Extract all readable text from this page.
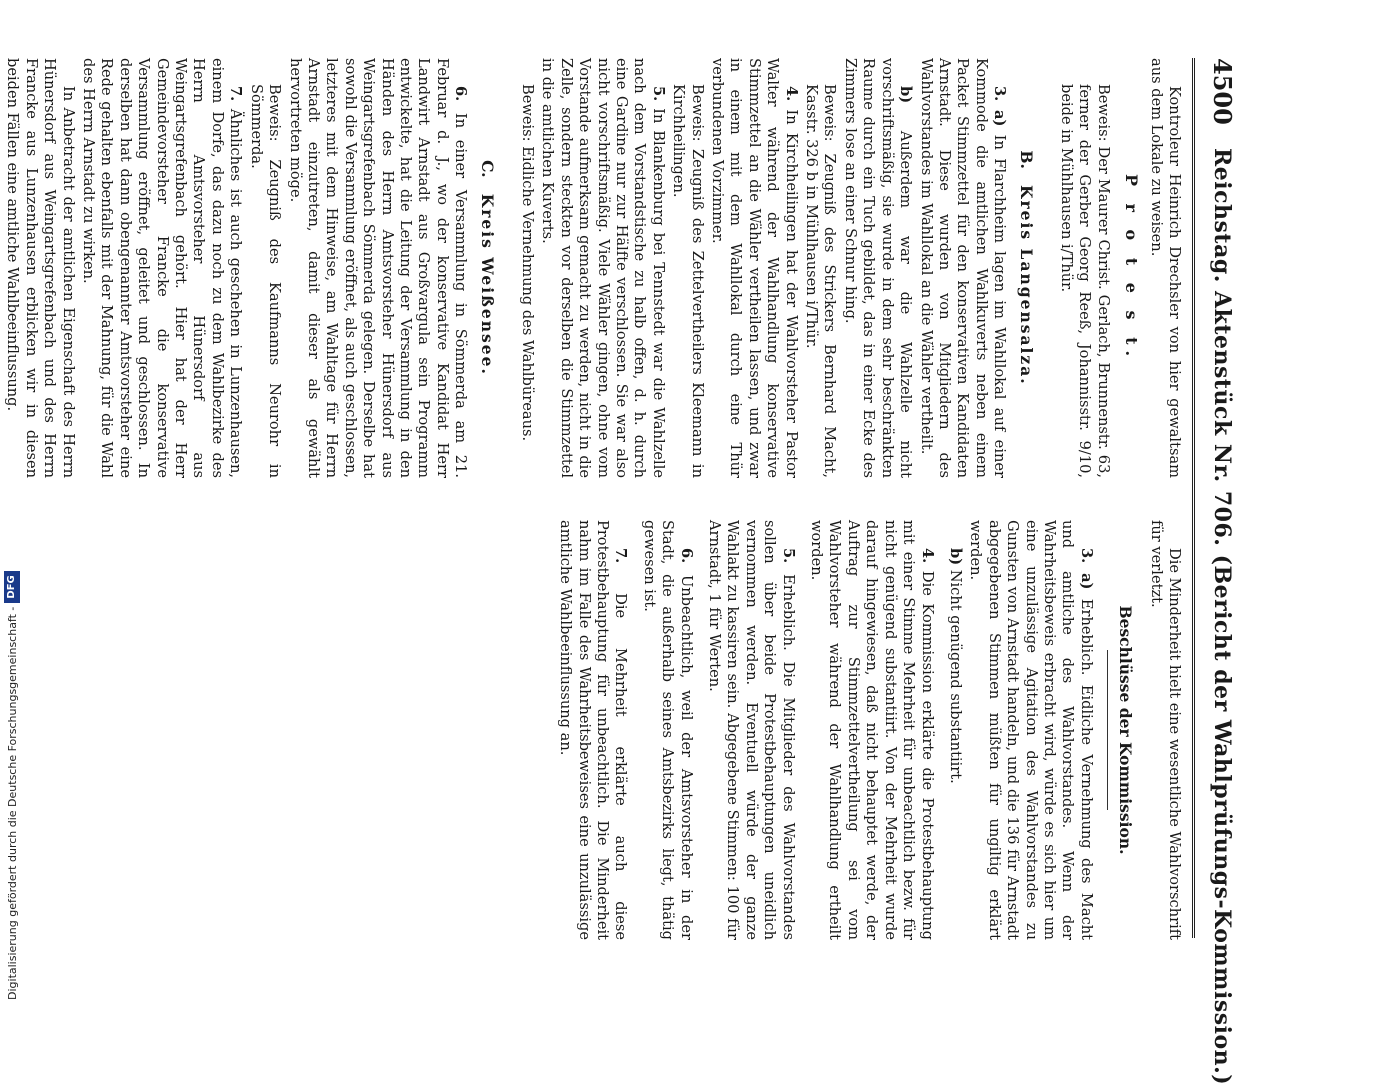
4500
Reichstag. Aktenstück Nr. 706. (Bericht der Wahlprüfungs-Kommission.)

Kontroleur Heinrich Drechsler von hier gewaltsam aus dem Lokale zu weisen.

P r o t e s t.

Beweis: Der Maurer Christ. Gerlach, Brunnenstr. 63, ferner der Gerber Georg Reeß, Johannisstr. 9/10, beide in Mühlhausen i/Thür.

B.   Kreis Langensalza.

3. a) In Flarchheim lagen im Wahllokal auf einer Kommode die amtlichen Wahlkuverts neben einem Packet Stimmzettel für den konservativen Kandidaten Arnstadt. Diese wurden von Mitgliedern des Wahlvorstandes im Wahllokal an die Wähler vertheilt.

b) Außerdem war die Wahlzelle nicht vorschriftsmäßig, sie wurde in dem sehr beschränkten Raume durch ein Tuch gebildet, das in einer Ecke des Zimmers lose an einer Schnur hing.

Beweis: Zeugniß des Strickers Bernhard Macht, Kasstr. 326 b in Mühlhausen i/Thür.

4. In Kirchheilingen hat der Wahlvorsteher Pastor Walter während der Wahlhandlung konservative Stimmzettel an die Wähler vertheilen lassen, und zwar in einem mit dem Wahllokal durch eine Thür verbundenen Vorzimmer.

Beweis: Zeugniß des Zettelvertheilers Kleemann in Kirchheilingen.

5. In Blankenburg bei Tennstedt war die Wahlzelle nach dem Vorstandstische zu halb offen, d. h. durch eine Gardine nur zur Hälfte verschlossen. Sie war also nicht vorschriftsmäßig. Viele Wähler gingen, ohne vom Vorstande aufmerksam gemacht zu werden, nicht in die Zelle, sondern steckten vor derselben die Stimmzettel in die amtlichen Kuverts.

Beweis: Eidliche Vernehmung des Wahlbüreaus.

C.   Kreis Weißensee.

6. In einer Versammlung in Sömmerda am 21. Februar d. J., wo der konservative Kandidat Herr Landwirt Arnstadt aus Großvargula sein Programm entwickelte, hat die Leitung der Versammlung in den Händen des Herrn Amtsvorsteher Hünersdorf aus Weingartsgrefenbach Sömmerda gelegen. Derselbe hat sowohl die Versammlung eröffnet, als auch geschlossen, letzteres mit dem Hinweise, am Wahltage für Herrn Arnstadt einzutreten, damit dieser als gewählt hervortreten möge.

Beweis: Zeugniß des Kaufmanns Neurohr in Sömmerda.

7. Ähnliches ist auch geschehen in Lunzenhausen, einem Dorfe, das dazu noch zu dem Wahlbezirke des Herrn Amtsvorsteher Hünersdorf aus Weingartsgrefenbach gehört. Hier hat der Herr Gemeindevorsteher Francke die konservative Versammlung eröffnet, geleitet und geschlossen. In derselben hat dann obengenannter Amtsvorsteher eine Rede gehalten ebenfalls mit der Mahnung, für die Wahl des Herrn Arnstadt zu wirken.

In Anbetracht der amtlichen Eigenschaft des Herrn Hünersdorf aus Weingartsgrefenbach und des Herrn Francke aus Lunzenhausen erblicken wir in diesen beiden Fällen eine amtliche Wahlbeeinflussung.

Die Minderheit hielt eine wesentliche Wahlvorschrift für verletzt.

Beschlüsse der Kommission.

3. a) Erheblich. Eidliche Vernehmung des Macht und amtliche des Wahlvorstandes. Wenn der Wahrheitsbeweis erbracht wird, würde es sich hier um eine unzulässige Agitation des Wahlvorstandes zu Gunsten von Arnstadt handeln, und die 136 für Arnstadt abgegebenen Stimmen müßten für ungiltig erklärt werden.

b) Nicht genügend substantiirt.

4. Die Kommission erklärte die Protestbehauptung mit einer Stimme Mehrheit für unbeachtlich bezw. für nicht genügend substantiirt. Von der Mehrheit wurde darauf hingewiesen, daß nicht behauptet werde, der Auftrag zur Stimmzettelvertheilung sei vom Wahlvorsteher während der Wahlhandlung ertheilt worden.

5. Erheblich. Die Mitglieder des Wahlvorstandes sollen über beide Protestbehauptungen uneidlich vernommen werden. Eventuell würde der ganze Wahlakt zu kassiren sein. Abgegebene Stimmen: 100 für Arnstadt, 1 für Werten.

6. Unbeachtlich, weil der Amtsvorsteher in der Stadt, die außerhalb seines Amtsbezirks liegt, thätig gewesen ist.

7. Die Mehrheit erklärte auch diese Protestbehauptung für unbeachtlich. Die Minderheit nahm im Falle des Wahrheitsbeweises eine unzulässige amtliche Wahlbeeinflussung an.

Digitalisierung gefördert durch die Deutsche Forschungsgemeinschaft -
DFG
